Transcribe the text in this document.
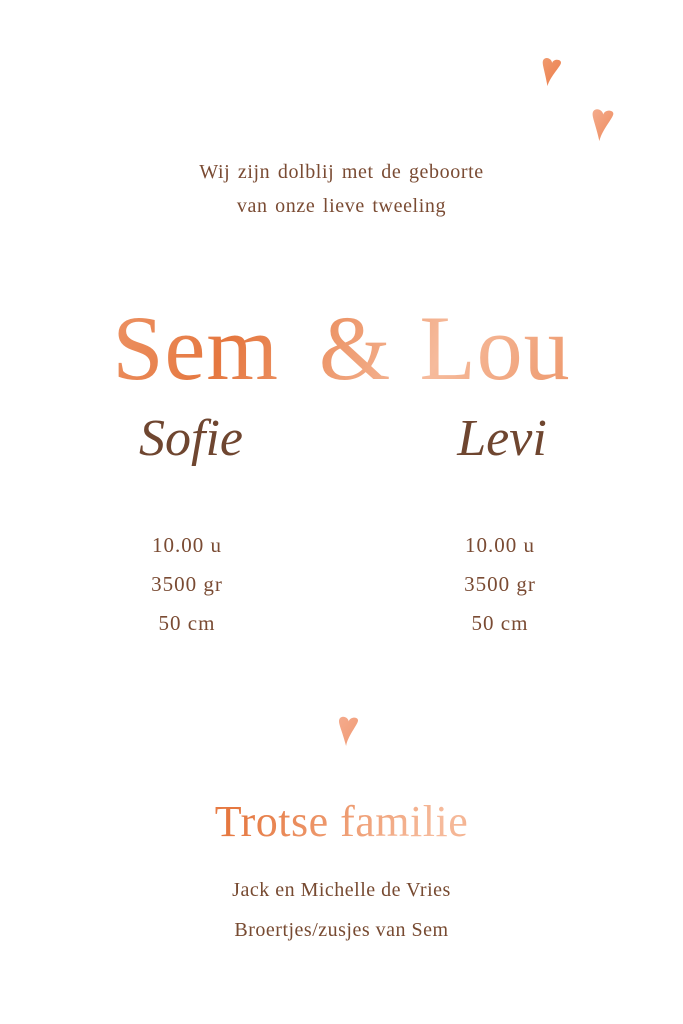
Wij zijn dolblij met de geboorte
van onze lieve tweeling
Sem & Lou
Sofie	Levi
10.00 u
3500 gr
50 cm
10.00 u
3500 gr
50 cm
Trotse familie
Jack en Michelle de Vries
Broertjes/zusjes van Sem
